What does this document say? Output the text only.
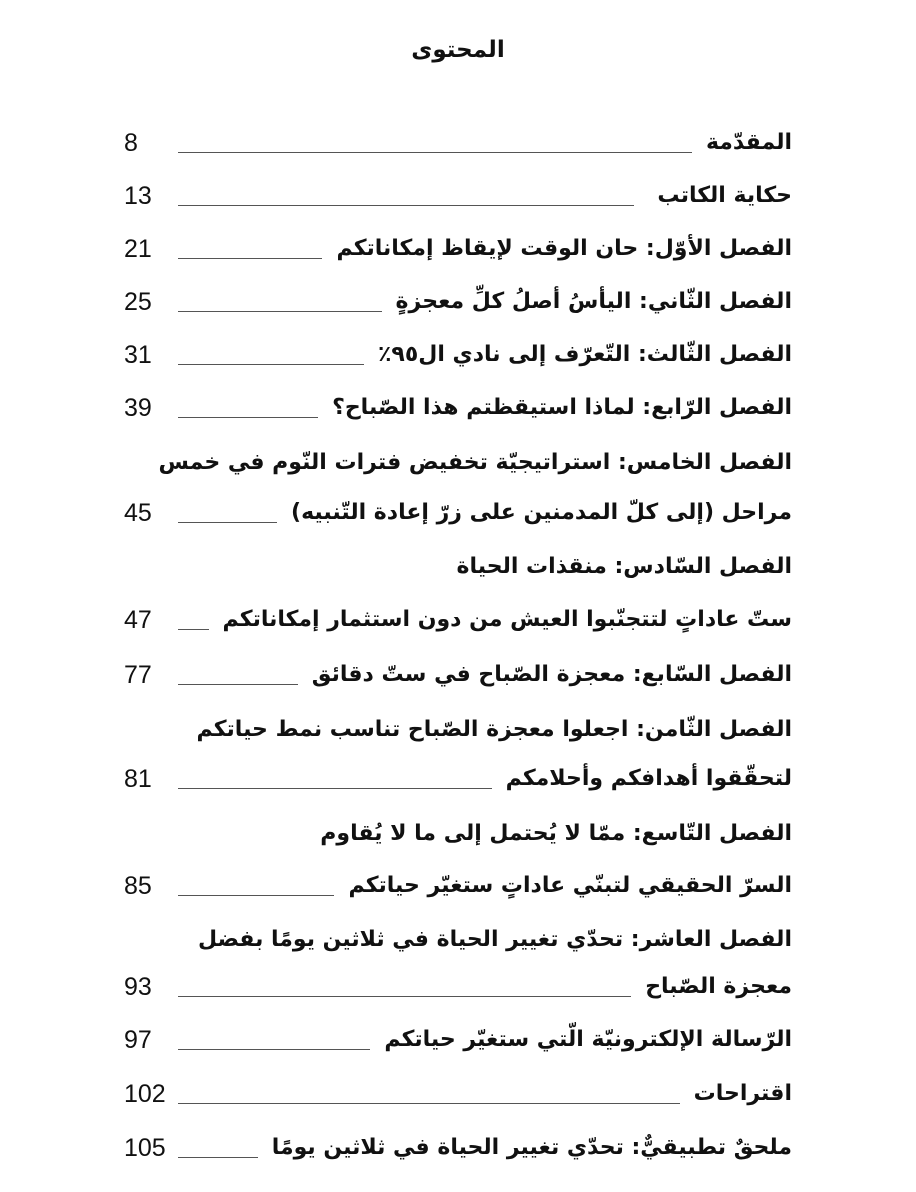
المحتوى
8	المقدّمة
13	حكاية الكاتب
21	الفصل الأوّل: حان الوقت لإيقاظ إمكاناتكم
25	الفصل الثّاني: اليأسُ أصلُ كلِّ معجزةٍ
31	الفصل الثّالث: التّعرّف إلى نادي ال٩٥٪
39	الفصل الرّابع: لماذا استيقظتم هذا الصّباح؟
الفصل الخامس: استراتيجيّة تخفيض فترات النّوم في خمس
45	مراحل (إلى كلّ المدمنين على زرّ إعادة التّنبيه)
الفصل السّادس: منقذات الحياة
47	ستّ عاداتٍ لتتجنّبوا العيش من دون استثمار إمكاناتكم
77	الفصل السّابع: معجزة الصّباح في ستّ دقائق
الفصل الثّامن: اجعلوا معجزة الصّباح تناسب نمط حياتكم
81	لتحقّقوا أهدافكم وأحلامكم
الفصل التّاسع: ممّا لا يُحتمل إلى ما لا يُقاوم
85	السرّ الحقيقي لتبنّي عاداتٍ ستغيّر حياتكم
الفصل العاشر: تحدّي تغيير الحياة في ثلاثين يومًا بفضل
93	معجزة الصّباح
97	الرّسالة الإلكترونيّة الّتي ستغيّر حياتكم
102	اقتراحات
105	ملحقٌ تطبيقيٌّ: تحدّي تغيير الحياة في ثلاثين يومًا
